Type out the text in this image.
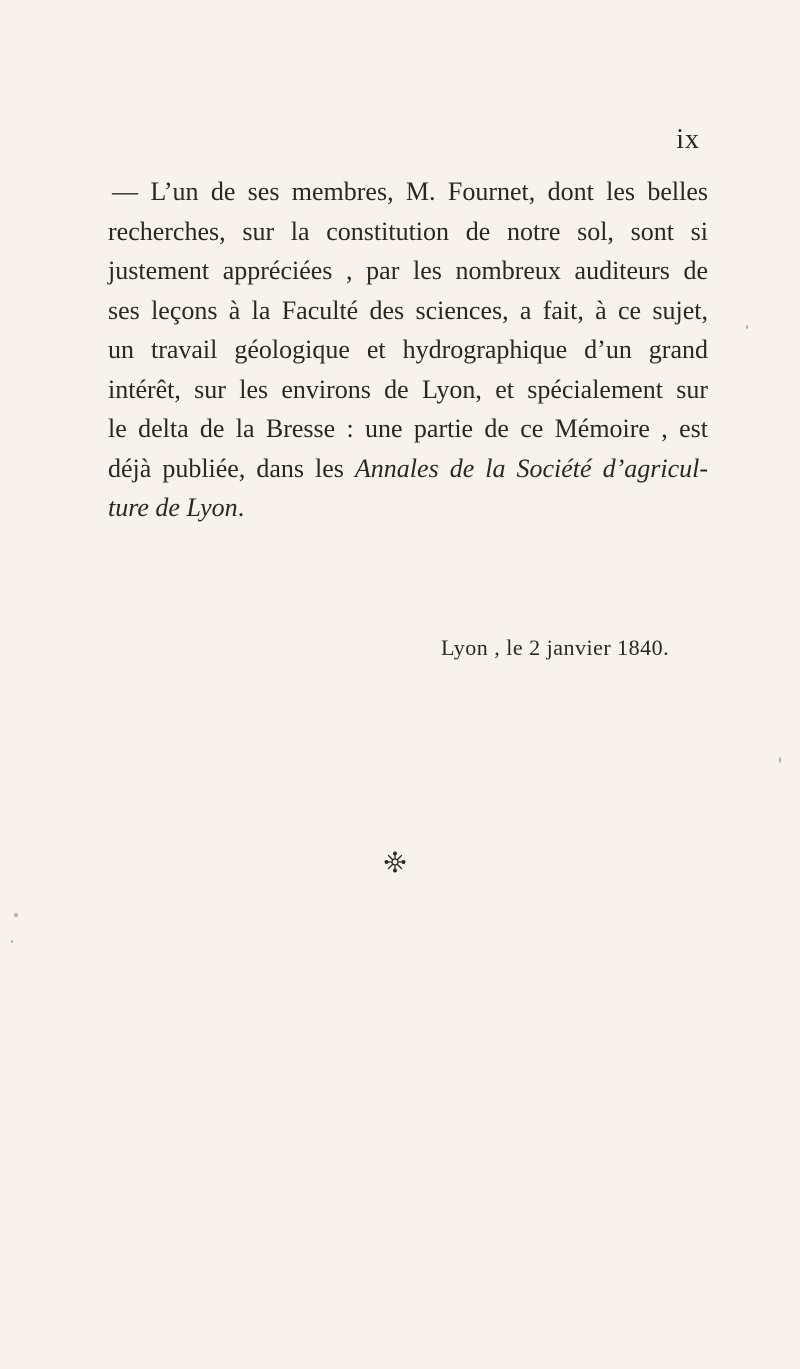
ix
— L’un de ses membres, M. Fournet, dont les belles
recherches, sur la constitution de notre sol, sont si
justement appréciées , par les nombreux auditeurs de
ses leçons à la Faculté des sciences, a fait, à ce sujet,
un travail géologique et hydrographique d’un grand
intérêt, sur les environs de Lyon, et spécialement sur
le delta de la Bresse : une partie de ce Mémoire , est
déjà publiée, dans les Annales de la Société d’agricul-
ture de Lyon.
Lyon , le 2 janvier 1840.
